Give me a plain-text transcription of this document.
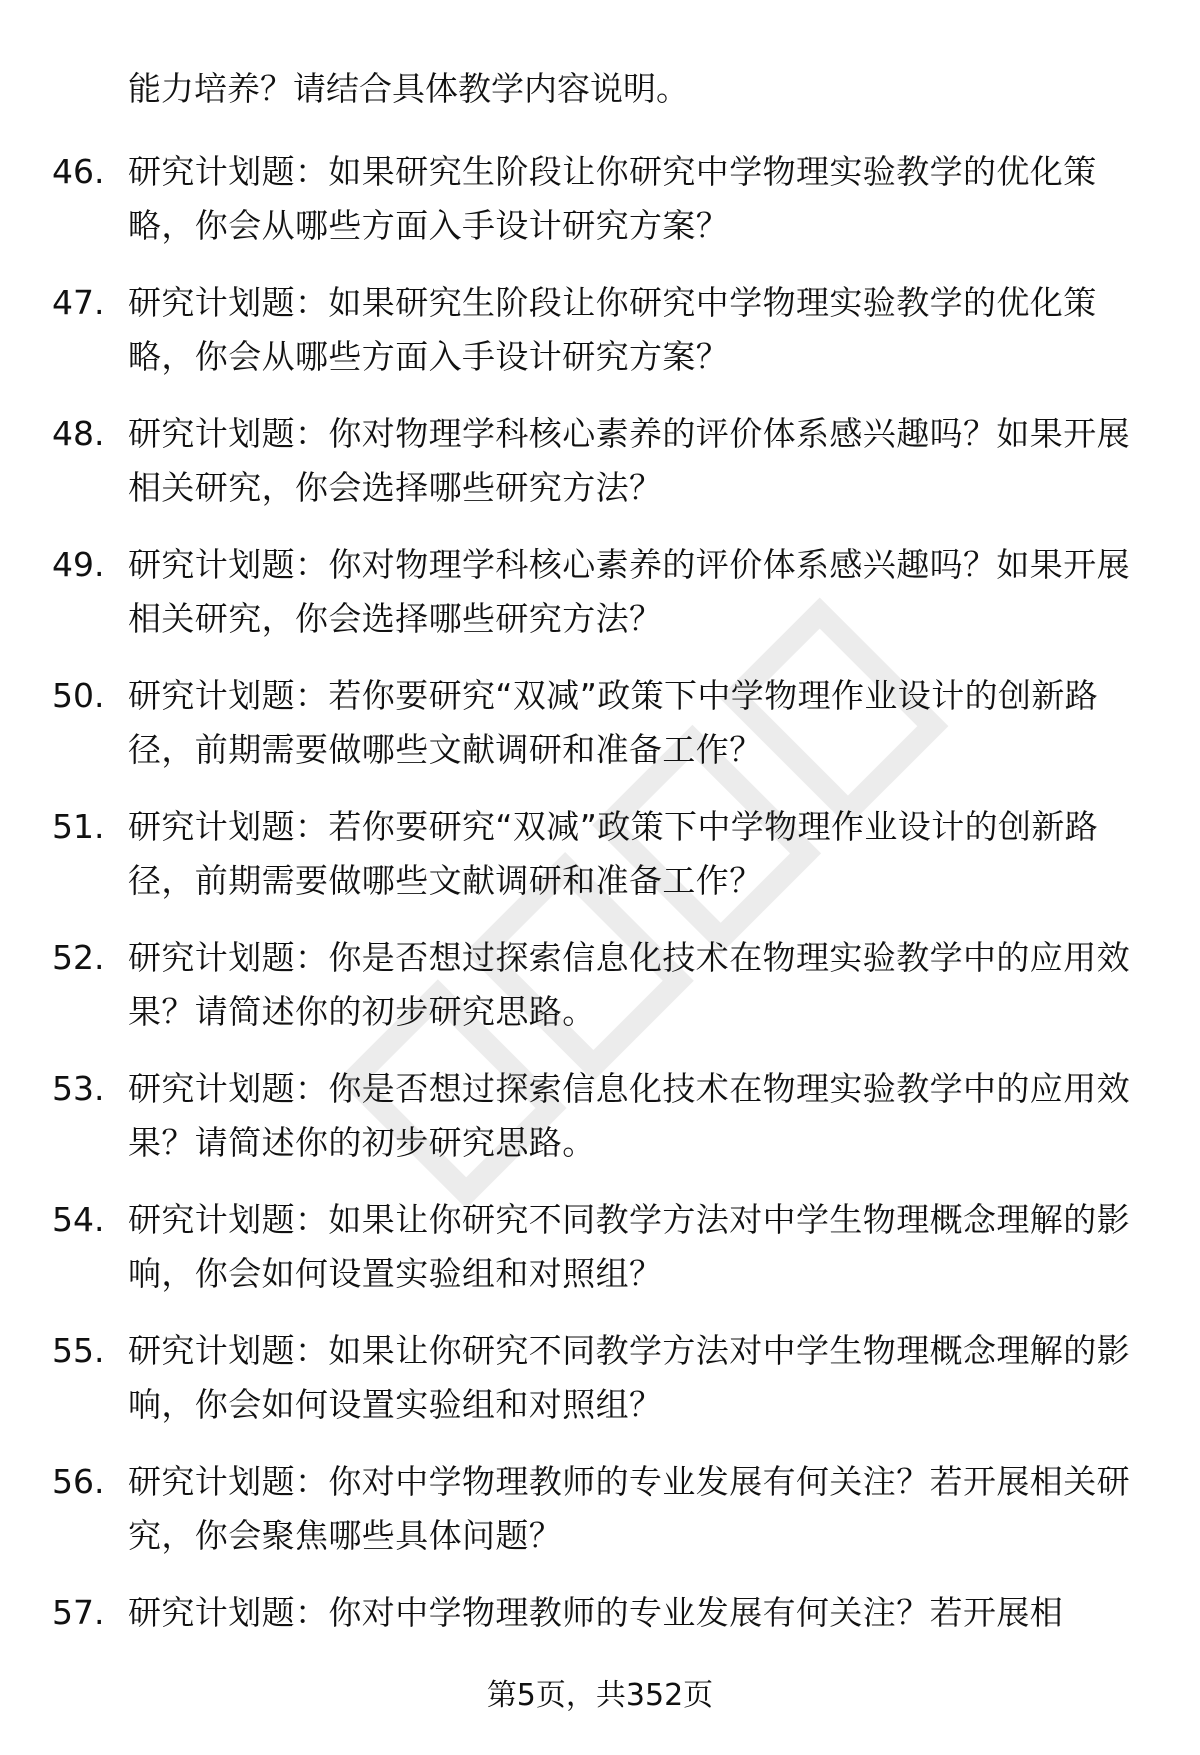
能力培养？请结合具体教学内容说明。
46. 研究计划题：如果研究生阶段让你研究中学物理实验教学的优化策略，你会从哪些方面入手设计研究方案？
47. 研究计划题：如果研究生阶段让你研究中学物理实验教学的优化策略，你会从哪些方面入手设计研究方案？
48. 研究计划题：你对物理学科核心素养的评价体系感兴趣吗？如果开展相关研究，你会选择哪些研究方法？
49. 研究计划题：你对物理学科核心素养的评价体系感兴趣吗？如果开展相关研究，你会选择哪些研究方法？
50. 研究计划题：若你要研究“双减”政策下中学物理作业设计的创新路径，前期需要做哪些文献调研和准备工作？
51. 研究计划题：若你要研究“双减”政策下中学物理作业设计的创新路径，前期需要做哪些文献调研和准备工作？
52. 研究计划题：你是否想过探索信息化技术在物理实验教学中的应用效果？请简述你的初步研究思路。
53. 研究计划题：你是否想过探索信息化技术在物理实验教学中的应用效果？请简述你的初步研究思路。
54. 研究计划题：如果让你研究不同教学方法对中学生物理概念理解的影响，你会如何设置实验组和对照组？
55. 研究计划题：如果让你研究不同教学方法对中学生物理概念理解的影响，你会如何设置实验组和对照组？
56. 研究计划题：你对中学物理教师的专业发展有何关注？若开展相关研究，你会聚焦哪些具体问题？
57. 研究计划题：你对中学物理教师的专业发展有何关注？若开展相
第5页，共352页
